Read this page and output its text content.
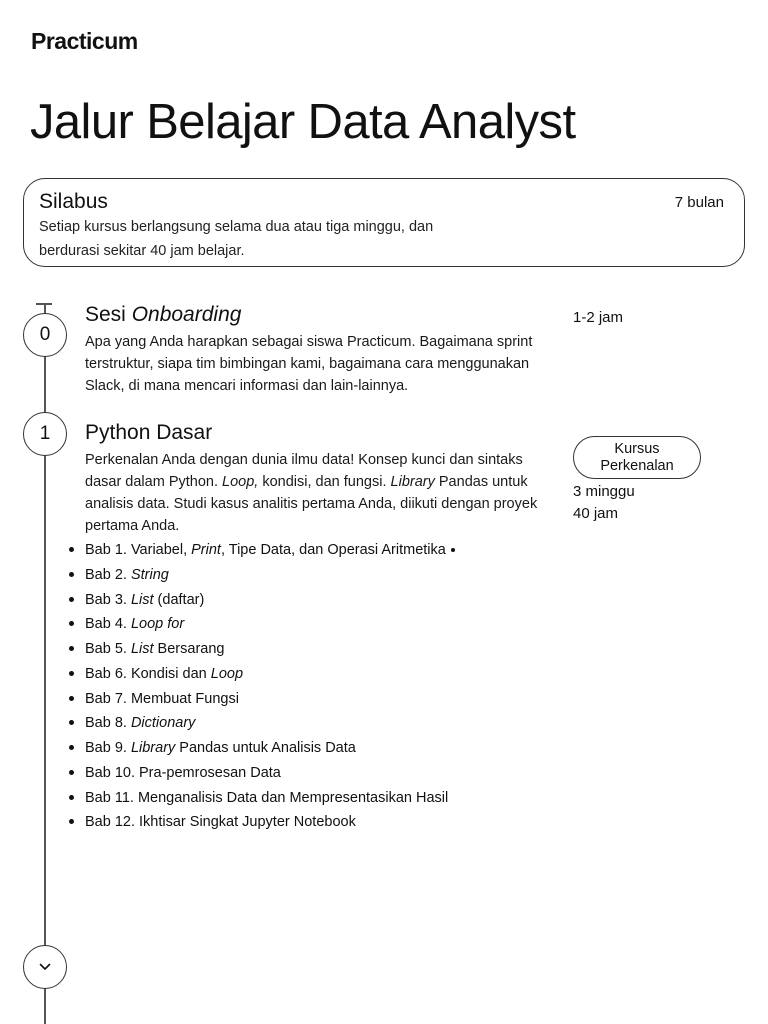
Practicum
Jalur Belajar Data Analyst
Silabus	7 bulan
Setiap kursus berlangsung selama dua atau tiga minggu, dan
berdurasi sekitar 40 jam belajar.
0
Sesi Onboarding	1-2 jam
Apa yang Anda harapkan sebagai siswa Practicum. Bagaimana sprint terstruktur, siapa tim bimbingan kami, bagaimana cara menggunakan Slack, di mana mencari informasi dan lain-lainnya.
1	Python Dasar
Kursus
Perkenalan
3 minggu
40 jam
Perkenalan Anda dengan dunia ilmu data! Konsep kunci dan sintaks dasar dalam Python. Loop, kondisi, dan fungsi. Library Pandas untuk analisis data. Studi kasus analitis pertama Anda, diikuti dengan proyek pertama Anda.
Bab 1. Variabel, Print, Tipe Data, dan Operasi Aritmetika
Bab 2. String
Bab 3. List (daftar)
Bab 4. Loop for
Bab 5. List Bersarang
Bab 6. Kondisi dan Loop
Bab 7. Membuat Fungsi
Bab 8. Dictionary
Bab 9. Library Pandas untuk Analisis Data
Bab 10. Pra-pemrosesan Data
Bab 11. Menganalisis Data dan Mempresentasikan Hasil
Bab 12. Ikhtisar Singkat Jupyter Notebook
